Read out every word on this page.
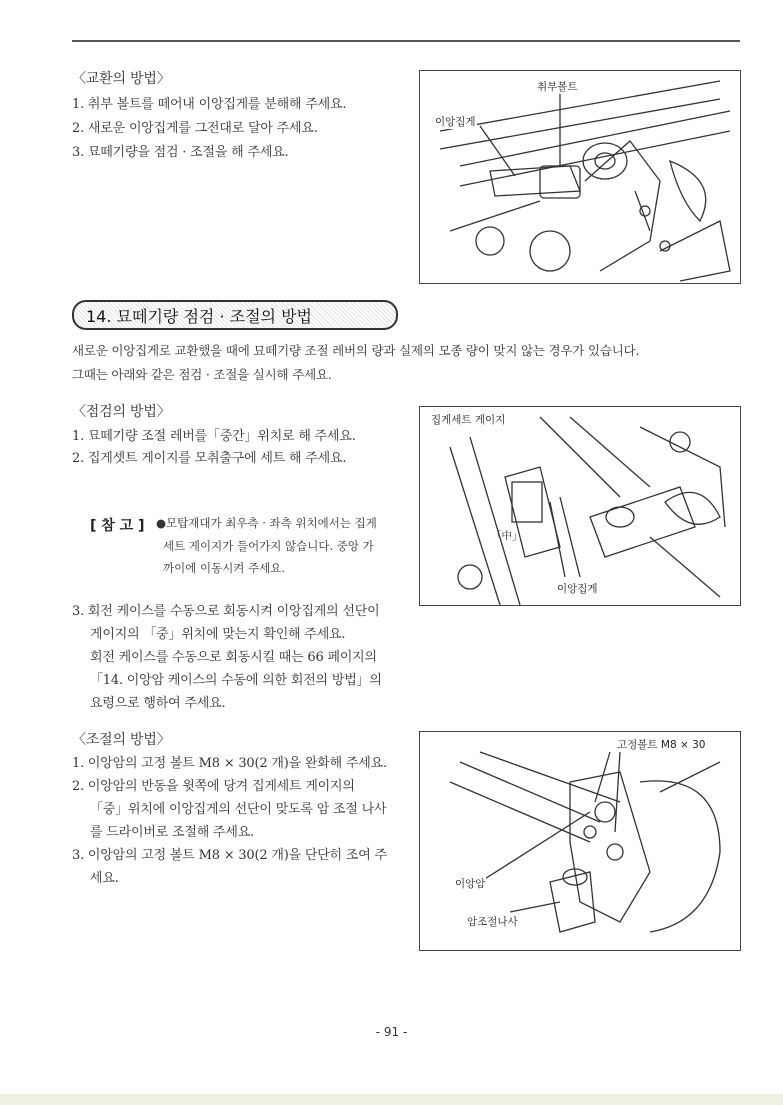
〈교환의 방법〉
1. 취부 볼트를 떼어내 이앙집게를 분해해 주세요.
2. 새로운 이앙집게를 그전대로 달아 주세요.
3. 묘떼기량을 점검 · 조절을 해 주세요.
취부볼트
이앙집게
14. 묘떼기량 점검 · 조절의 방법
새로운 이앙집게로 교환했을 때에 묘떼기량 조절 레버의 량과 실제의 모종 량이 맞지 않는 경우가 있습니다.
그때는 아래와 같은 점검 · 조절을 실시해 주세요.
〈점검의 방법〉
1. 묘떼기량 조절 레버를「중간」위치로 해 주세요.
2. 집게셋트 게이지를 모취출구에 세트 해 주세요.
[ 참 고 ] ●모탑재대가 최우측 · 좌측 위치에서는 집게
세트 게이지가 들어가지 않습니다. 중앙 가
까이에 이동시켜 주세요.
3. 회전 케이스를 수동으로 회동시켜 이앙집게의 선단이
게이지의 「중」위치에 맞는지 확인해 주세요.
회전 케이스를 수동으로 회동시킬 때는 66 페이지의
「14. 이앙암 케이스의 수동에 의한 회전의 방법」의
요령으로 행하여 주세요.
집게세트 게이지
「中」
이앙집게
〈조절의 방법〉
1. 이앙암의 고정 볼트 M8 × 30(2 개)을 완화해 주세요.
2. 이앙암의 반동을 윗쪽에 당겨 집게세트 게이지의
「중」위치에 이앙집게의 선단이 맞도록 암 조절 나사
를 드라이버로 조절해 주세요.
3. 이앙암의 고정 볼트 M8 × 30(2 개)을 단단히 조여 주
세요.
고정볼트 M8 × 30
이앙암
암조절나사
- 91 -
